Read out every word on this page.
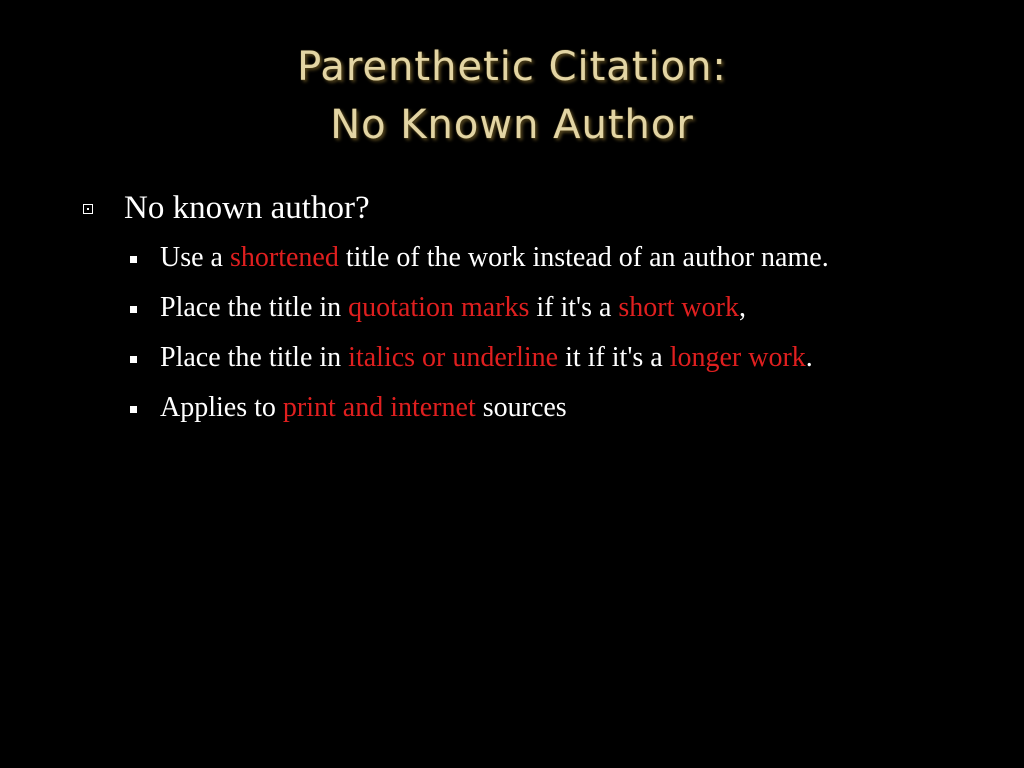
Parenthetic Citation:
No Known Author
No known author?
Use a shortened title of the work instead of an author name.
Place the title in quotation marks if it's a short work,
Place the title in italics or underline it if it's a longer work.
Applies to print and internet sources
